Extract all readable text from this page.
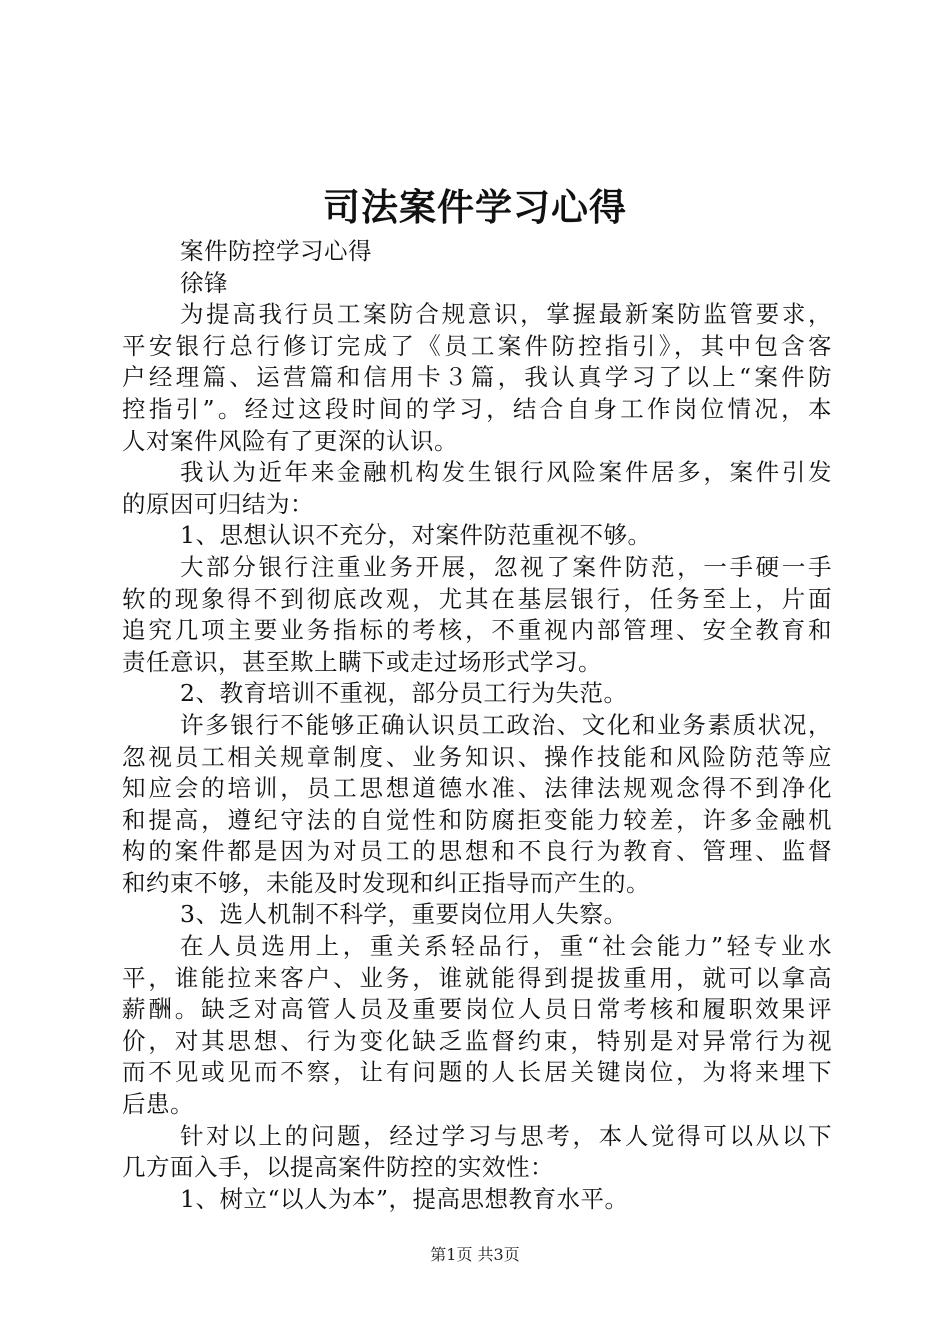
司法案件学习心得
案件防控学习心得
徐锋
为提高我行员工案防合规意识，掌握最新案防监管要求，
平安银行总行修订完成了《员工案件防控指引》，其中包含客
户经理篇、运营篇和信用卡３篇，我认真学习了以上“案件防
控指引”。经过这段时间的学习，结合自身工作岗位情况，本
人对案件风险有了更深的认识。
我认为近年来金融机构发生银行风险案件居多，案件引发
的原因可归结为：
1、思想认识不充分，对案件防范重视不够。
大部分银行注重业务开展，忽视了案件防范，一手硬一手
软的现象得不到彻底改观，尤其在基层银行，任务至上，片面
追究几项主要业务指标的考核，不重视内部管理、安全教育和
责任意识，甚至欺上瞒下或走过场形式学习。
2、教育培训不重视，部分员工行为失范。
许多银行不能够正确认识员工政治、文化和业务素质状况，
忽视员工相关规章制度、业务知识、操作技能和风险防范等应
知应会的培训，员工思想道德水准、法律法规观念得不到净化
和提高，遵纪守法的自觉性和防腐拒变能力较差，许多金融机
构的案件都是因为对员工的思想和不良行为教育、管理、监督
和约束不够，未能及时发现和纠正指导而产生的。
3、选人机制不科学，重要岗位用人失察。
在人员选用上，重关系轻品行，重“社会能力”轻专业水
平，谁能拉来客户、业务，谁就能得到提拔重用，就可以拿高
薪酬。缺乏对高管人员及重要岗位人员日常考核和履职效果评
价，对其思想、行为变化缺乏监督约束，特别是对异常行为视
而不见或见而不察，让有问题的人长居关键岗位，为将来埋下
后患。
针对以上的问题，经过学习与思考，本人觉得可以从以下
几方面入手，以提高案件防控的实效性：
1、树立“以人为本”，提高思想教育水平。
第1页 共3页
